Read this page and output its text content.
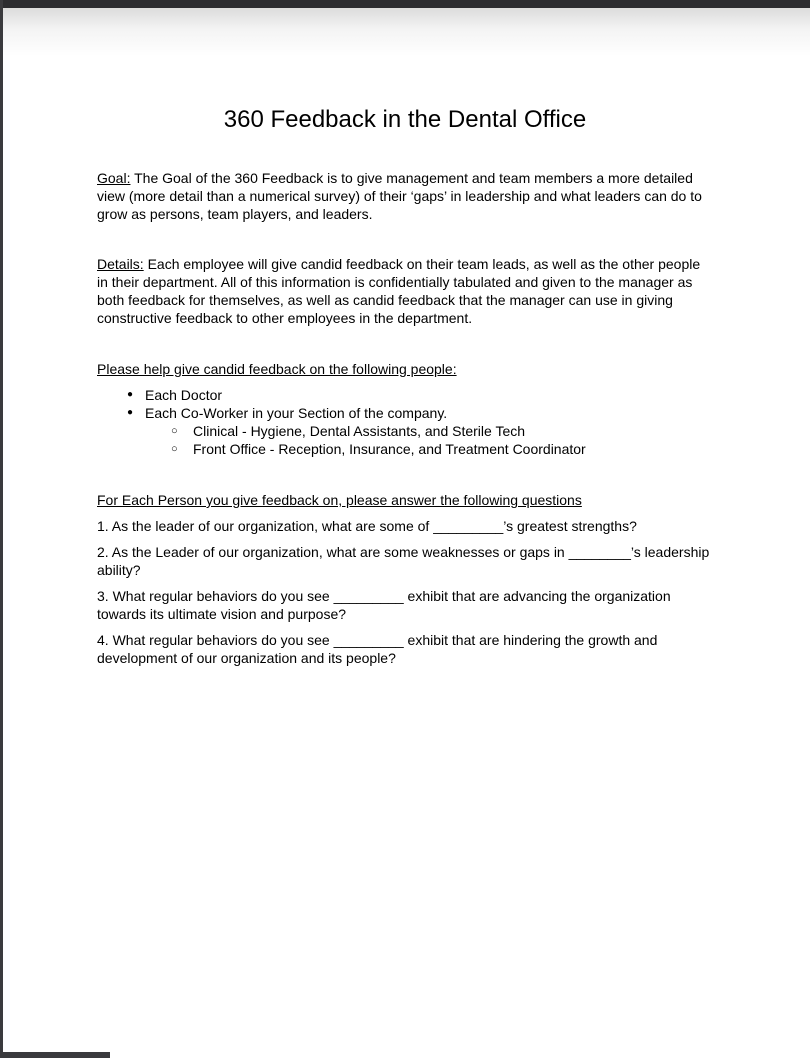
360 Feedback in the Dental Office

Goal: The Goal of the 360 Feedback is to give management and team members a more detailed view (more detail than a numerical survey) of their ‘gaps’ in leadership and what leaders can do to grow as persons, team players, and leaders.

Details: Each employee will give candid feedback on their team leads, as well as the other people in their department. All of this information is confidentially tabulated and given to the manager as both feedback for themselves, as well as candid feedback that the manager can use in giving constructive feedback to other employees in the department.

Please help give candid feedback on the following people:

● Each Doctor
● Each Co-Worker in your Section of the company.
○ Clinical - Hygiene, Dental Assistants, and Sterile Tech
○ Front Office - Reception, Insurance, and Treatment Coordinator

For Each Person you give feedback on, please answer the following questions

1. As the leader of our organization, what are some of _________’s greatest strengths?

2. As the Leader of our organization, what are some weaknesses or gaps in ________’s leadership ability?

3. What regular behaviors do you see _________ exhibit that are advancing the organization towards its ultimate vision and purpose?

4. What regular behaviors do you see _________ exhibit that are hindering the growth and development of our organization and its people?
